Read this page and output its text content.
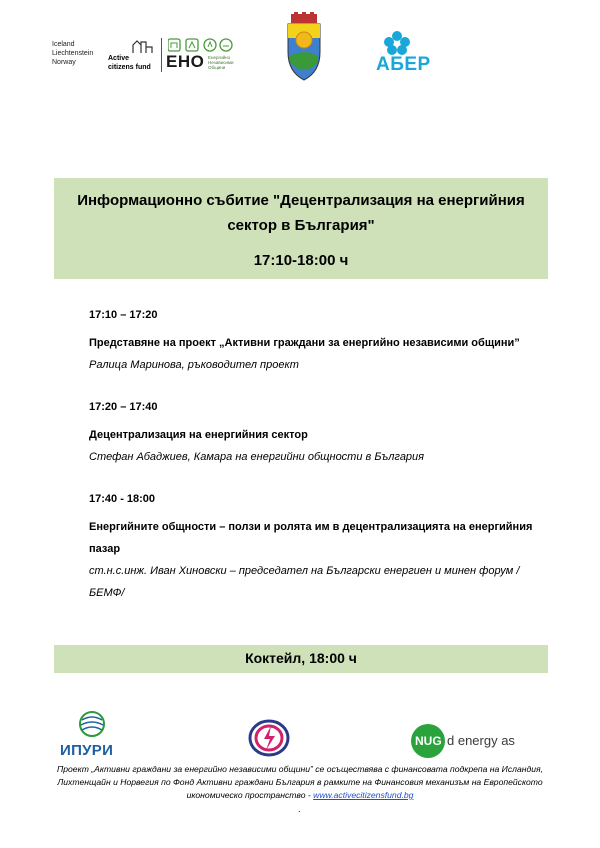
Iceland
Liechtenstein
Norway
Active
citizens fund ЕНО Енергийно Независими Общини	АБЕР
Информационно събитие "Децентрализация на енергийния сектор в България"
17:10-18:00 ч
17:10 – 17:20
Представяне на проект „Активни граждани за енергийно независими общини”
Ралица Маринова, ръководител проект
17:20 – 17:40
Децентрализация на енергийния сектор
Стефан Абаджиев, Камара на енергийни общности в България
17:40 - 18:00
Енергийните общности – ползи и ролята им в децентрализацията на енергийния пазар
ст.н.с.инж. Иван Хиновски – председател на Български енергиен и минен форум /БЕМФ/
Коктейл, 18:00 ч
ИПУРИ
NUG d energy as
Проект „Активни граждани за енергийно независими общини” се осъществява с финансовата подкрепа на Исландия, Лихтенщайн и Норвегия по Фонд Активни граждани България в рамките на Финансовия механизъм на Европейското икономическо пространство - www.activecitizensfund.bg
.
